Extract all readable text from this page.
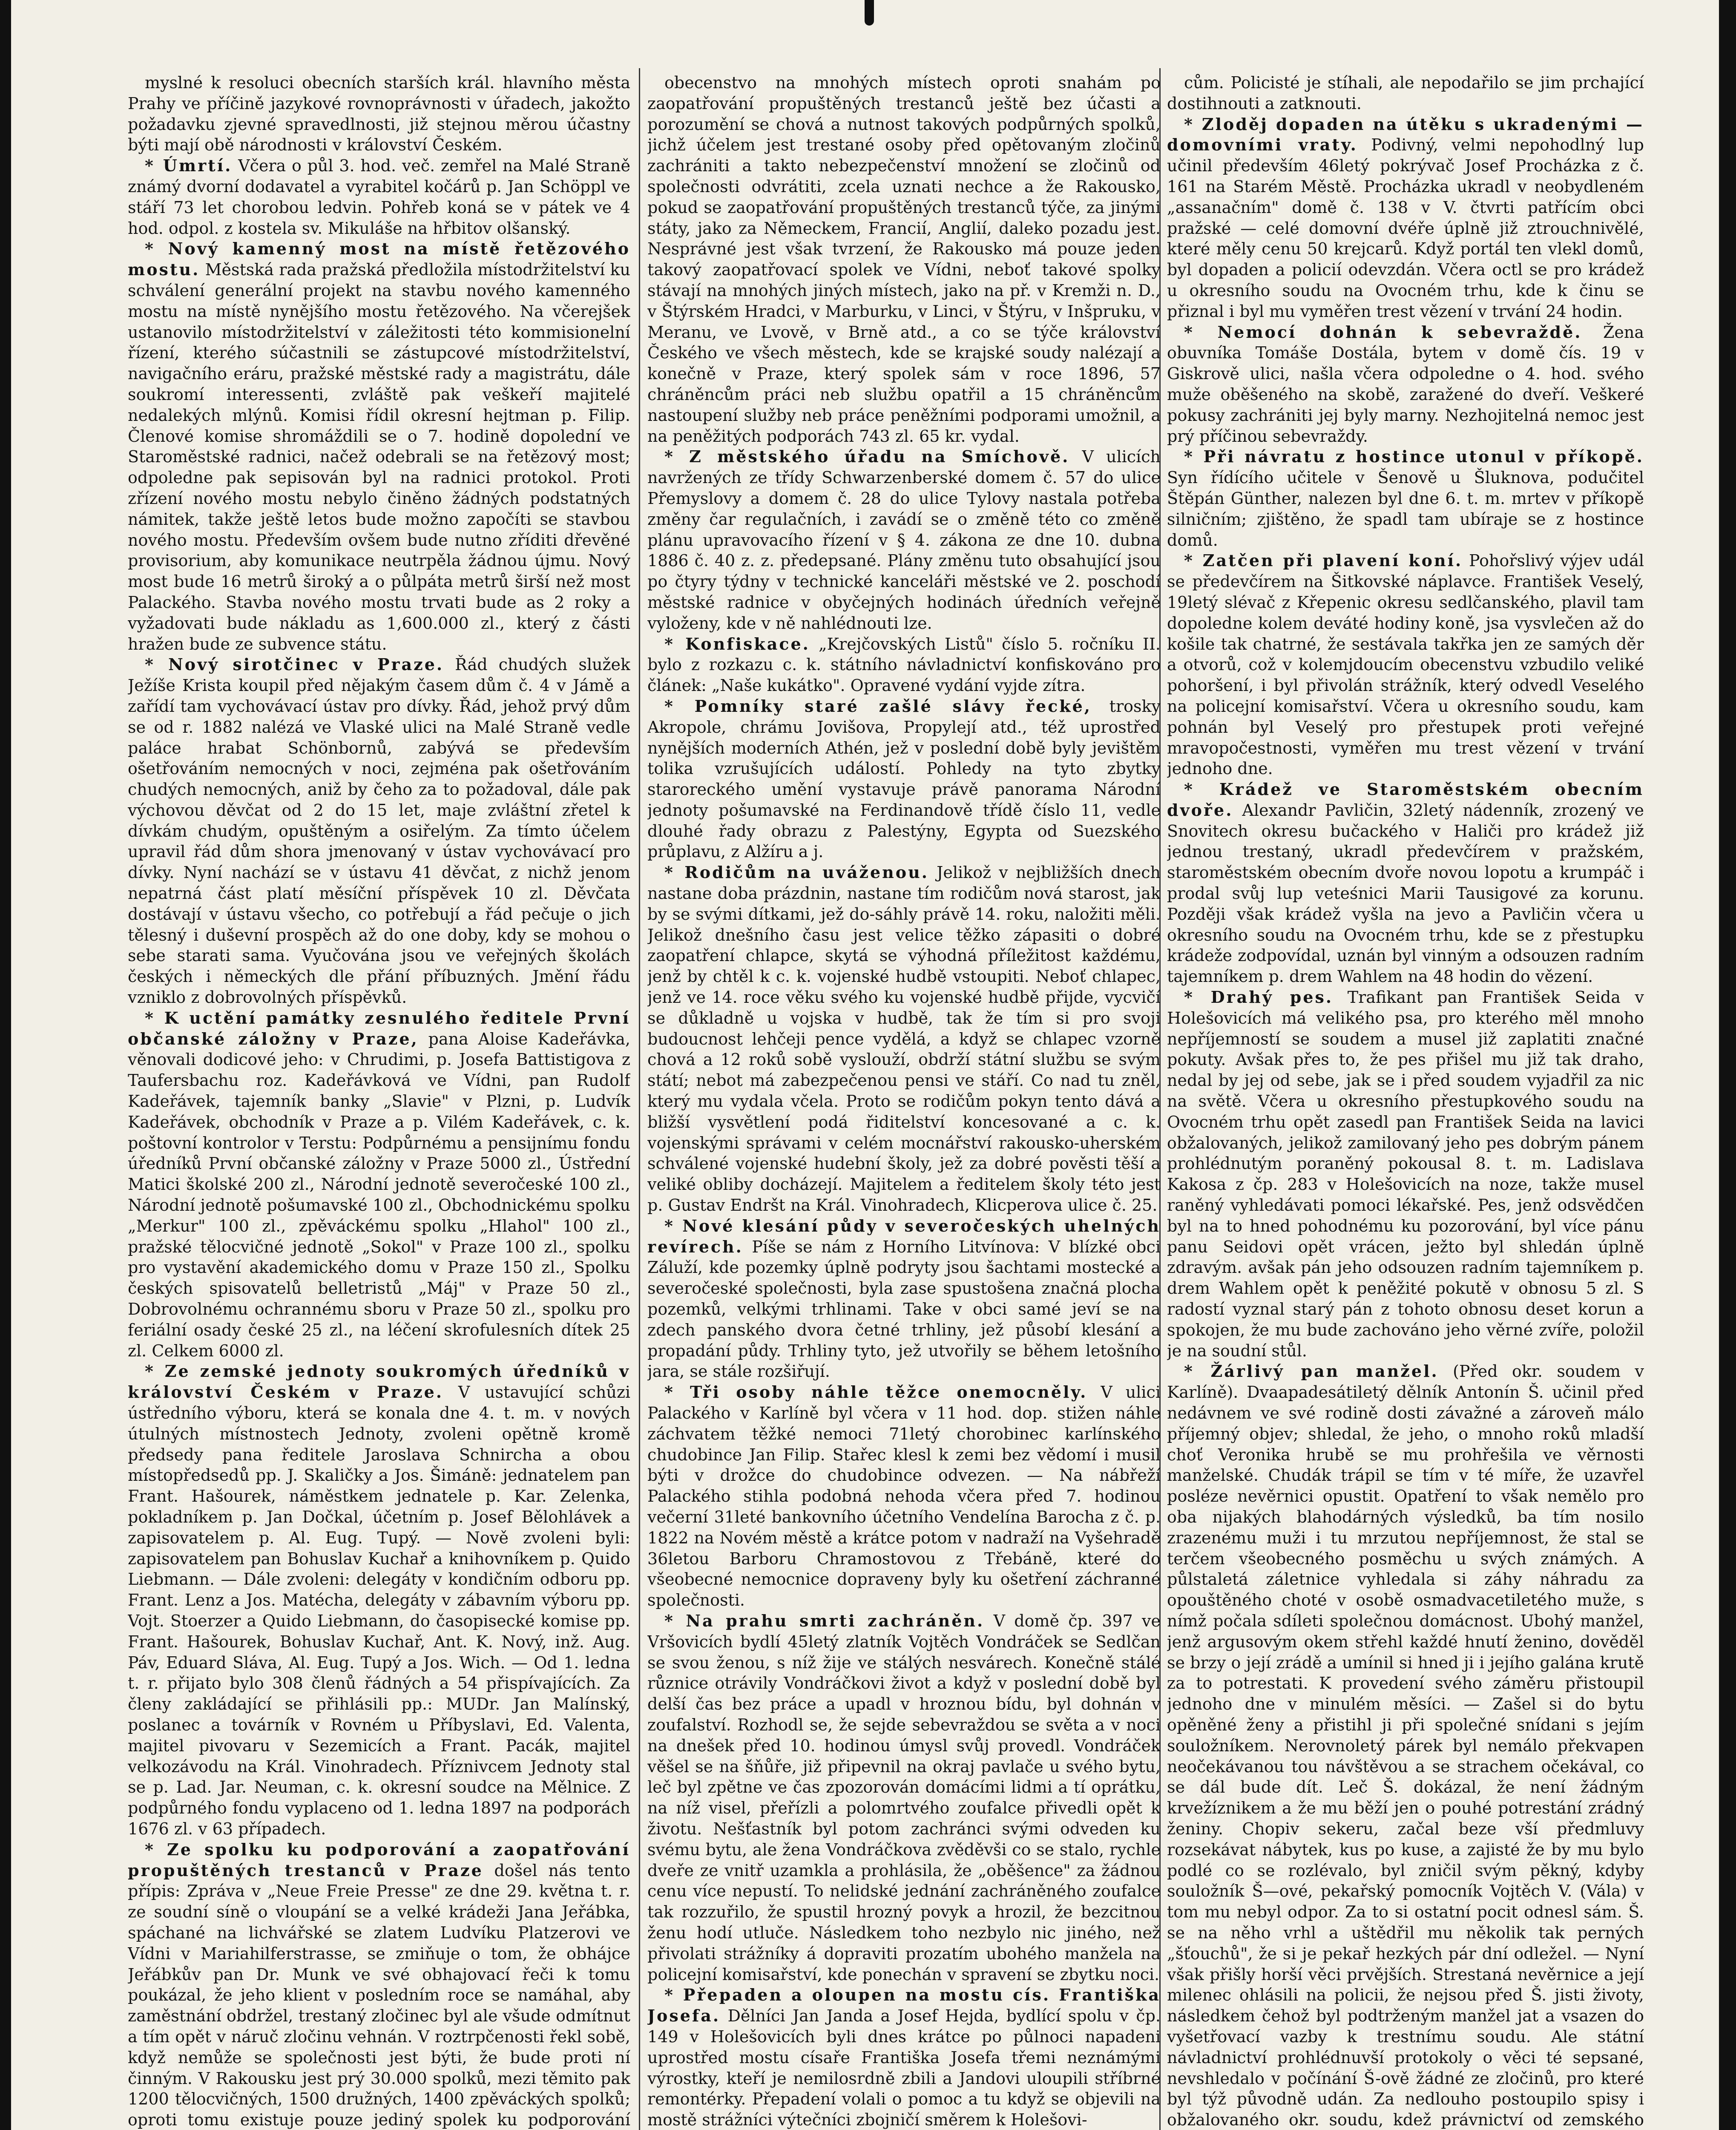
myslné k resoluci obecních starších král. hlavního města Prahy ve příčině jazykové rovnoprávnosti v úřadech, jakožto požadavku zjevné spravedlnosti, již stejnou měrou účastny býti mají obě národnosti v království Českém.

* Úmrtí. Včera o půl 3. hod. več. zemřel na Malé Straně známý dvorní dodavatel a vyrabitel kočárů p. Jan Schöppl ve stáří 73 let chorobou ledvin. Pohřeb koná se v pátek ve 4 hod. odpol. z kostela sv. Mikuláše na hřbitov olšanský.

* Nový kamenný most na místě řetězového mostu. Městská rada pražská předložila místodržitelství ku schválení generální projekt na stavbu nového kamenného mostu na místě nynějšího mostu řetězového. Na včerejšek ustanovilo místodržitelství v záležitosti této kommisionelní řízení, kterého súčastnili se zástupcové místodržitelství, navigačního eráru, pražské městské rady a magistrátu, dále soukromí interessenti, zvláště pak veškeří majitelé nedalekých mlýnů. Komisi řídil okresní hejtman p. Filip. Členové komise shromáždili se o 7. hodině dopolední ve Staroměstské radnici, načež odebrali se na řetězový most; odpoledne pak sepisován byl na radnici protokol. Proti zřízení nového mostu nebylo činěno žádných podstatných námitek, takže ještě letos bude možno započíti se stavbou nového mostu. Především ovšem bude nutno zříditi dřevěné provisorium, aby komunikace neutrpěla žádnou újmu. Nový most bude 16 metrů široký a o půlpáta metrů širší než most Palackého. Stavba nového mostu trvati bude as 2 roky a vyžadovati bude nákladu as 1,600.000 zl., který z části hražen bude ze subvence státu.

* Nový sirotčinec v Praze. Řád chudých služek Ježíše Krista koupil před nějakým časem dům č. 4 v Jámě a zařídí tam vychovávací ústav pro dívky. Řád, jehož prvý dům se od r. 1882 nalézá ve Vlaské ulici na Malé Straně vedle paláce hrabat Schönbornů, zabývá se především ošetřováním nemocných v noci, zejména pak ošetřováním chudých nemocných, aniž by čeho za to požadoval, dále pak výchovou děvčat od 2 do 15 let, maje zvláštní zřetel k dívkám chudým, opuštěným a osiřelým. Za tímto účelem upravil řád dům shora jmenovaný v ústav vychovávací pro dívky. Nyní nachází se v ústavu 41 děvčat, z nichž jenom nepatrná část platí měsíční příspěvek 10 zl. Děvčata dostávají v ústavu všecho, co potřebují a řád pečuje o jich tělesný i duševní prospěch až do one doby, kdy se mohou o sebe starati sama. Vyučována jsou ve veřejných školách českých i německých dle přání příbuzných. Jmění řádu vzniklo z dobrovolných příspěvků.

* K uctění památky zesnulého ředitele První občanské záložny v Praze, panа Aloise Kadeřávka, věnovali dodicové jeho: v Chrudimi, p. Josefa Battistigova z Taufersbachu roz. Kadeřávková ve Vídni, pan Rudolf Kadeřávek, tajemník banky „Slavie" v Plzni, p. Ludvík Kadeřávek, obchodník v Praze a p. Vilém Kadeřávek, c. k. poštovní kontrolor v Terstu: Podpůrnému a pensijnímu fondu úředníků První občanské záložny v Praze 5000 zl., Ústřední Matici školské 200 zl., Národní jednotě severočeské 100 zl., Národní jednotě pošumavské 100 zl., Obchodnickému spolku „Merkur" 100 zl., zpěváckému spolku „Hlahol" 100 zl., pražské tělocvičné jednotě „Sokol" v Praze 100 zl., spolku pro vystavění akademického domu v Praze 150 zl., Spolku českých spisovatelů belletristů „Máj" v Praze 50 zl., Dobrovolnému ochrannému sboru v Praze 50 zl., spolku pro feriální osady české 25 zl., na léčení skrofulesních dítek 25 zl. Celkem 6000 zl.

* Ze zemské jednoty soukromých úředníků v království Českém v Praze. V ustavující schůzi ústředního výboru, která se konala dne 4. t. m. v nových útulných místnostech Jednoty, zvoleni opětně kromě předsedy pana ředitele Jaroslava Schnircha a obou místopředsedů pp. J. Skaličky a Jos. Šimáně: jednatelem pan Frant. Hašourek, náměstkem jednatele p. Kar. Zelenka, pokladníkem p. Jan Dočkal, účetním p. Josef Bělohlávek a zapisovatelem p. Al. Eug. Tupý. — Nově zvoleni byli: zapisovatelem pan Bohuslav Kuchař a knihovníkem p. Quido Liebmann. — Dále zvoleni: delegáty v kondičním odboru pp. Frant. Lenz a Jos. Matécha, delegáty v zábavním výboru pp. Vojt. Stoerzer a Quido Liebmann, do časopisecké komise pp. Frant. Hašourek, Bohuslav Kuchař, Ant. K. Nový, inž. Aug. Páv, Eduard Sláva, Al. Eug. Tupý a Jos. Wich. — Od 1. ledna t. r. přijato bylo 308 členů řádných a 54 přispívajících. Za členy zakládající se přihlásili pp.: MUDr. Jan Malínský, poslanec a továrník v Rovném u Příbyslavi, Ed. Valenta, majitel pivovaru v Sezemicích a Frant. Pacák, majitel velkozávodu na Král. Vinohradech. Příznivcem Jednoty stal se p. Lad. Jar. Neuman, c. k. okresní soudce na Mělnice. Z podpůrného fondu vyplaceno od 1. ledna 1897 na podporách 1676 zl. v 63 případech.

* Ze spolku ku podporování a zaopatřování propuštěných trestanců v Praze došel nás tento přípis: Zpráva v „Neue Freie Presse" ze dne 29. května t. r. ze soudní síně o vloupání se a velké krádeži Jana Jeřábka, spáchané na lichvářské se zlatem Ludvíku Platzerovi ve Vídni v Mariahilferstrasse, se zmiňuje o tom, že obhájce Jeřábkův pan Dr. Munk ve své obhajovací řeči k tomu poukázal, že jeho klient v posledním roce se namáhal, aby zaměstnání obdržel, trestaný zločinec byl ale všude odmítnut a tím opět v náruč zločinu vehnán. V roztrpčenosti řekl sobě, když nemůže se společnosti jest býti, že bude proti ní činným. V Rakousku jest prý 30.000 spolků, mezi těmito pak 1200 tělocvičných, 1500 družných, 1400 zpěváckých spolků; oproti tomu existuje pouze jediný spolek ku podporování

obecenstvo na mnohých místech oproti snahám po zaopatřování propuštěných trestanců ještě bez účasti a porozumění se chová a nutnost takových podpůrných spolků, jichž účelem jest trestané osoby před opětovaným zločinů zachrániti a takto nebezpečenství množení se zločinů od společnosti odvrátiti, zcela uznati nechce a že Rakousko, pokud se zaopatřování propuštěných trestanců týče, za jinými státy, jako za Německem, Francií, Anglií, daleko pozadu jest. Nesprávné jest však tvrzení, že Rakousko má pouze jeden takový zaopatřovací spolek ve Vídni, neboť takové spolky stávají na mnohých jiných místech, jako na př. v Kremži n. D., v Štýrském Hradci, v Marburku, v Linci, v Štýru, v Inšpruku, v Meranu, ve Lvově, v Brně atd., a co se týče království Českého ve všech městech, kde se krajské soudy nalézají a konečně v Praze, který spolek sám v roce 1896, 57 chráněncům práci neb službu opatřil a 15 chráněncům nastoupení služby neb práce peněžními podporami umožnil, a na peněžitých podporách 743 zl. 65 kr. vydal.

* Z městského úřadu na Smíchově. V ulicích navržených ze třídy Schwarzenberské domem č. 57 do ulice Přemyslovy a domem č. 28 do ulice Tylovy nastala potřeba změny čar regulačních, i zavádí se o změně této co změně plánu upravovacího řízení v § 4. zákona ze dne 10. dubna 1886 č. 40 z. z. předepsané. Plány změnu tuto obsahující jsou po čtyry týdny v technické kanceláři městské ve 2. poschodí městské radnice v obyčejných hodinách úředních veřejně vyloženy, kde v ně nahlédnouti lze.

* Konfiskace. „Krejčovských Listů" číslo 5. ročníku II. bylo z rozkazu c. k. státního návladnictví konfiskováno pro článek: „Naše kukátko". Opravené vydání vyjde zítra.

* Pomníky staré zašlé slávy řecké, trosky Akropole, chrámu Jovišova, Propylejí atd., též uprostřed nynějších moderních Athén, jež v poslední době byly jevištěm tolika vzrušujících událostí. Pohledy na tyto zbytky staroreckého umění vystavuje právě panorama Národní jednoty pošumavské na Ferdinandově třídě číslo 11, vedle dlouhé řady obrazu z Palestýny, Egypta od Suezského průplavu, z Alžíru a j.

* Rodičům na uváženou. Jelikož v nejbližších dnech nastane doba prázdnin, nastane tím rodičům nová starost, jak by se svými dítkami, jež do-sáhly právě 14. roku, naložiti měli. Jelikož dnešního času jest velice těžko zápasiti o dobré zaopatření chlapce, skytá se výhodná příležitost každému, jenž by chtěl k c. k. vojenské hudbě vstoupiti. Neboť chlapec, jenž ve 14. roce věku svého ku vojenské hudbě přijde, vycvičí se důkladně u vojska v hudbě, tak že tím si pro svoji budoucnost lehčeji pence vydělá, a když se chlapec vzorně chová a 12 roků sobě vyslouží, obdrží státní službu se svým státí; nebot má zabezpečenou pensi ve stáří. Co nad tu zněl, který mu vydala včela. Proto se rodičům pokyn tento dává a bližší vysvětlení podá řiditelství koncesované a c. k. vojenskými správami v celém mocnářství rakousko-uherském schválené vojenské hudební školy, jež za dobré pověsti těší a veliké obliby docházejí. Majitelem a ředitelem školy této jest p. Gustav Endršt na Král. Vinohradech, Klicperova ulice č. 25.

* Nové klesání půdy v severočeských uhelných revírech. Píše se nám z Horního Litvínova: V blízké obci Záluží, kde pozemky úplně podryty jsou šachtami mostecké a severočeské společnosti, byla zase spustošena značná plocha pozemků, velkými trhlinami. Take v obci samé jeví se na zdech panského dvora četné trhliny, jež působí klesání a propadání půdy. Trhliny tyto, jež utvořily se během letošního jara, se stále rozšiřují.

* Tři osoby náhle těžce onemocněly. V ulici Palackého v Karlíně byl včera v 11 hod. dop. stižen náhle záchvatem těžké nemoci 71letý chorobinec karlínského chudobince Jan Filip. Stařec klesl k zemi bez vědomí i musil býti v drožce do chudobince odvezen. — Na nábřeží Palackého stihla podobná nehoda včera před 7. hodinou večerní 31leté bankovního účetního Vendelína Barocha z č. p. 1822 na Novém městě a krátce potom v nadraží na Vyšehradě 36letou Barboru Chramostovou z Třebáně, které do všeobecné nemocnice dopraveny byly ku ošetření záchranné společnosti.

* Na prahu smrti zachráněn. V domě čp. 397 ve Vršovicích bydlí 45letý zlatník Vojtěch Vondráček se Sedlčan se svou ženou, s níž žije ve stálých nesvárech. Konečně stálé různice otrávily Vondráčkovi život a když v poslední době byl delší čas bez práce a upadl v hroznou bídu, byl dohnán v zoufalství. Rozhodl se, že sejde sebevraždou se světa a v noci na dnešek před 10. hodinou úmysl svůj provedl. Vondráček věšel se na šňůře, již připevnil na okraj pavlače u svého bytu, leč byl zpětne ve čas zpozorován domácími lidmi a tí oprátku, na níž visel, přeřízli a polomrtvého zoufalce přivedli opět k životu. Nešťastník byl potom zachránci svými odveden ku svému bytu, ale žena Vondráčkova zvěděvši co se stalo, rychle dveře ze vnitř uzamkla a prohlásila, že „oběšence" za žádnou cenu více nepustí. To nelidské jednání zachráněného zoufalce tak rozzuřilo, že spustil hrozný povyk a hrozil, že bezcitnou ženu hodí utluče. Následkem toho nezbylo nic jiného, než přivolati strážníky á dopraviti prozatím ubohého manžela na policejní komisařství, kde ponechán v spravení se zbytku noci.

* Přepaden a oloupen na mostu cís. Františka Josefa. Dělníci Jan Janda a Josef Hejda, bydlící spolu v čp. 149 v Holešovicích byli dnes krátce po půlnoci napadeni uprostřed mostu císaře Františka Josefa třemi neznámými výrostky, kteří je nemilosrdně zbili a Jandovi uloupili stříbrné remontérky. Přepadení volali o pomoc a tu když se objevili na mostě strážníci výtečníci zbojničí směrem k Holešovi-

cům. Policisté je stíhali, ale nepodařilo se jim prchající dostihnouti a zatknouti.

* Zloděj dopaden na útěku s ukradenými — domovními vraty. Podivný, velmi nepohodlný lup učinil především 46letý pokrývač Josef Procházka z č. 161 na Starém Městě. Procházka ukradl v neobydleném „assanačním" domě č. 138 v V. čtvrti patřícím obci pražské — celé domovní dvéře úplně již ztrouchnivělé, které měly cenu 50 krejcarů. Když portál ten vlekl domů, byl dopaden a policií odevzdán. Včera octl se pro krádež u okresního soudu na Ovocném trhu, kde k činu se přiznal i byl mu vyměřen trest vězení v trvání 24 hodin.

* Nemocí dohnán k sebevraždě. Žena obuvníka Tomáše Dostála, bytem v domě čís. 19 v Giskrově ulici, našla včera odpoledne o 4. hod. svého muže oběšeného na skobě, zaražené do dveří. Veškeré pokusy zachrániti jej byly marny. Nezhojitelná nemoc jest prý příčinou sebevraždy.

* Při návratu z hostince utonul v příkopě. Syn řídícího učitele v Šenově u Šluknova, podučitel Štěpán Günther, nalezen byl dne 6. t. m. mrtev v příkopě silničním; zjištěno, že spadl tam ubíraje se z hostince domů.

* Zatčen při plavení koní. Pohořslivý výjev udál se předevčírem na Šitkovské náplavce. František Veselý, 19letý slévač z Křepenic okresu sedlčanského, plavil tam dopoledne kolem deváté hodiny koně, jsa vysvlečen až do košile tak chatrné, že sestávala takřka jen ze samých děr a otvorů, což v kolemjdoucím obecenstvu vzbudilo veliké pohoršení, i byl přivolán strážník, který odvedl Veselého na policejní komisařství. Včera u okresního soudu, kam pohnán byl Veselý pro přestupek proti veřejné mravopočestnosti, vyměřen mu trest vězení v trvání jednoho dne.

* Krádež ve Staroměstském obecním dvoře. Alexandr Pavličin, 32letý nádenník, zrozený ve Snovitech okresu bučackého v Haliči pro krádež již jednou trestaný, ukradl předevčírem v pražském, staroměstském obecním dvoře novou lopotu a krumpáč i prodal svůj lup veteśnici Marii Tausigové za korunu. Později však krádež vyšla na jevo a Pavličin včera u okresního soudu na Ovocném trhu, kde se z přestupku krádeže zodpovídal, uznán byl vinným a odsouzen radním tajemníkem p. drem Wahlem na 48 hodin do vězení.

* Drahý pes. Trafikant pan František Seida v Holešovicích má velikého psa, pro kterého měl mnoho nepříjemností se soudem a musel již zaplatiti značné pokuty. Avšak přes to, že pes přišel mu již tak draho, nedal by jej od sebe, jak se i před soudem vyjadřil za nic na světě. Včera u okresního přestupkového soudu na Ovocném trhu opět zasedl pan František Seida na lavici obžalovaných, jelikož zamilovaný jeho pes dobrým pánem prohlédnutým poraněný pokousal 8. t. m. Ladislava Kakosa z čp. 283 v Holešovicích na noze, takže musel raněný vyhledávati pomoci lékařské. Pes, jenž odsvědčen byl na to hned pohodnému ku pozorování, byl více pánu panu Seidovi opět vrácen, ježto byl shledán úplně zdravým. avšak pán jeho odsouzen radním tajemníkem p. drem Wahlem opět k peněžité pokutě v obnosu 5 zl. S radostí vyznal starý pán z tohoto obnosu deset korun a spokojen, že mu bude zachováno jeho věrné zvíře, položil je na soudní stůl.

* Žárlivý pan manžel. (Před okr. soudem v Karlíně). Dvaapadesátiletý dělník Antonín Š. učinil před nedávnem ve své rodině dosti závažné a zároveň málo příjemný objev; shledal, že jeho, o mnoho roků mladší choť Veronika hrubě se mu prohřešila ve věrnosti manželské. Chudák trápil se tím v té míře, že uzavřel posléze nevěrnici opustit. Opatření to však nemělo pro oba nijakých blahodárných výsledků, ba tím nosilo zrazenému muži i tu mrzutou nepříjemnost, že stal se terčem všeobecného posměchu u svých známých. A půlstaletá záletnice vyhledala si záhy náhradu za opouštěného choté v osobě osmadvacetiletého muže, s nímž počala sdíleti společnou domácnost. Ubohý manžel, jenž argusovým okem střehl každé hnutí ženino, dověděl se brzy o její zrádě a umínil si hned ji i jejího galána krutě za to potrestati. K provedení svého záměru přistoupil jednoho dne v minulém měsíci. — Zašel si do bytu opěněné ženy a přistihl ji při společné snídani s jejím souložníkem. Nerovnoletý párek byl nemálo překvapen neočekávanou tou návštěvou a se strachem očekával, co se dál bude dít. Leč Š. dokázal, že není žádným krvežíznikem a že mu běží jen o pouhé potrestání zrádný ženiny. Chopiv sekeru, začal beze vší předmluvy rozsekávat nábytek, kus po kuse, a zajisté že by mu bylo podlé co se rozlévalo, byl zničil svým pěkný, kdyby souložník Š—ové, pekařský pomocník Vojtěch V. (Vála) v tom mu nebyl odpor. Za to si ostatní pocit odnesl sám. Š. se na něho vrhl a uštědřil mu několik tak perných „šťouchů", že si je pekař hezkých pár dní odležel. — Nyní však přišly horší věci prvějších. Strestaná nevěrnice a její milenec ohlásili na policii, že nejsou před Š. jisti životy, následkem čehož byl podtrženým manžel jat a vsazen do vyšetřovací vazby k trestnímu soudu. Ale státní návladnictví prohlédnuvší protokoly o věci té sepsané, nevshledalo v počínání Š-ově žádné ze zločinů, pro které byl týž původně udán. Za nedlouho postoupilo spisy i obžalovaného okr. soudu, kdež právnictví od zemského
